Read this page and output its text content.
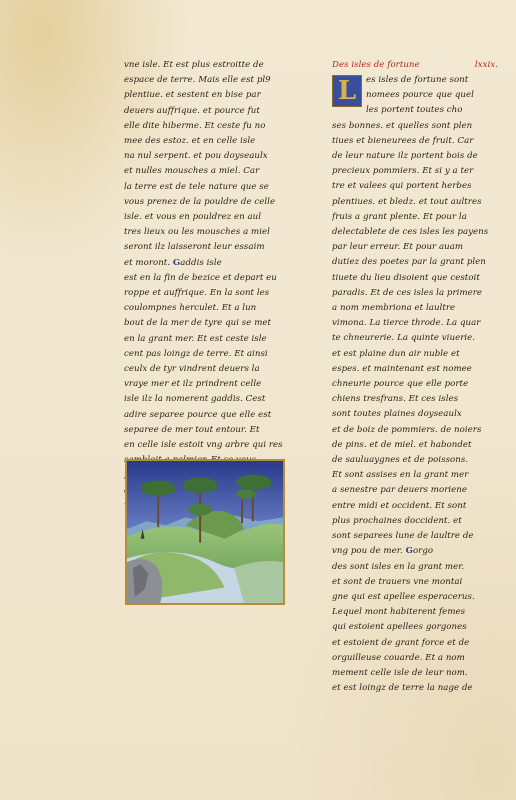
vne isle. Et est plus estroitte de
espace de terre. Mais elle est pl9
plentiue. et sestent en bise par
deuers auffrique. et pource fut
elle dite hiberme. Et ceste fu no
mee des estoz. et en celle isle
na nul serpent. et pou doyseaulx
et nulles mousches a miel. Car
la terre est de tele nature que se
vous prenez de la pouldre de celle
isle. et vous en pouldrez en aul
tres lieux ou les mousches a miel
seront ilz laisseront leur essaim
et moront. Gaddis isle
est en la fin de bezice et depart eu
roppe et auffrique. En la sont les
coulompnes herculet. Et a lun
bout de la mer de tyre qui se met
en la grant mer. Et est ceste isle
cent pas loingz de terre. Et ainsi
ceulx de tyr vindrent deuers la
vraye mer et ilz prindrent celle
isle ilz la nomerent gaddis. Cest
adire separee pource que elle est
separee de mer tout entour. Et
en celle isle estoit vng arbre qui res
Des isles de fortune	lxxix.
L	es isles de fortune sont
nomees pource que quel
les portent toutes cho
ses bonnes. et quelles sont plen
tiues et bieneurees de fruit. Car
de leur nature ilz portent bois de
precieux pommiers. Et si y a ter
tre et valees qui portent herbes
plentiues. et bledz. et tout aultres
fruis a grant plente. Et pour la
delectablete de ces isles les payens
par leur erreur. Et pour auam
dutiez des poetes par la grant plen
tiuete du lieu disoient que cestoit
paradis. Et de ces isles la primere
a nom membriona et laultre
vimona. La tierce throde. La quar
te chneurerie. La quinte viuerie.
et est plaine dun air nuble et
espes. et maintenant est nomee
chneurie pource que elle porte
chiens tresfrans. Et ces isles
sont toutes plaines doyseaulx
et de boiz de pommiers. de noiers
de pins. et de miel. et habondet
de sauluaygnes et de poissons.
Et sont assises en la grant mer
a senestre par deuers moriene
entre midi et occident. Et sont
plus prochaines doccident. et
sont separees lune de laultre de
vng pou de mer. Gorgo
des sont isles en la grant mer.
et sont de trauers vne montai
gne qui est apellee esperacerus.
Lequel mont habiterent femes
qui estoient apellees gorgones
et estoient de grant force et de
orguilleuse couarde. Et a nom
mement celle isle de leur nom.
et est loingz de terre la nage de
